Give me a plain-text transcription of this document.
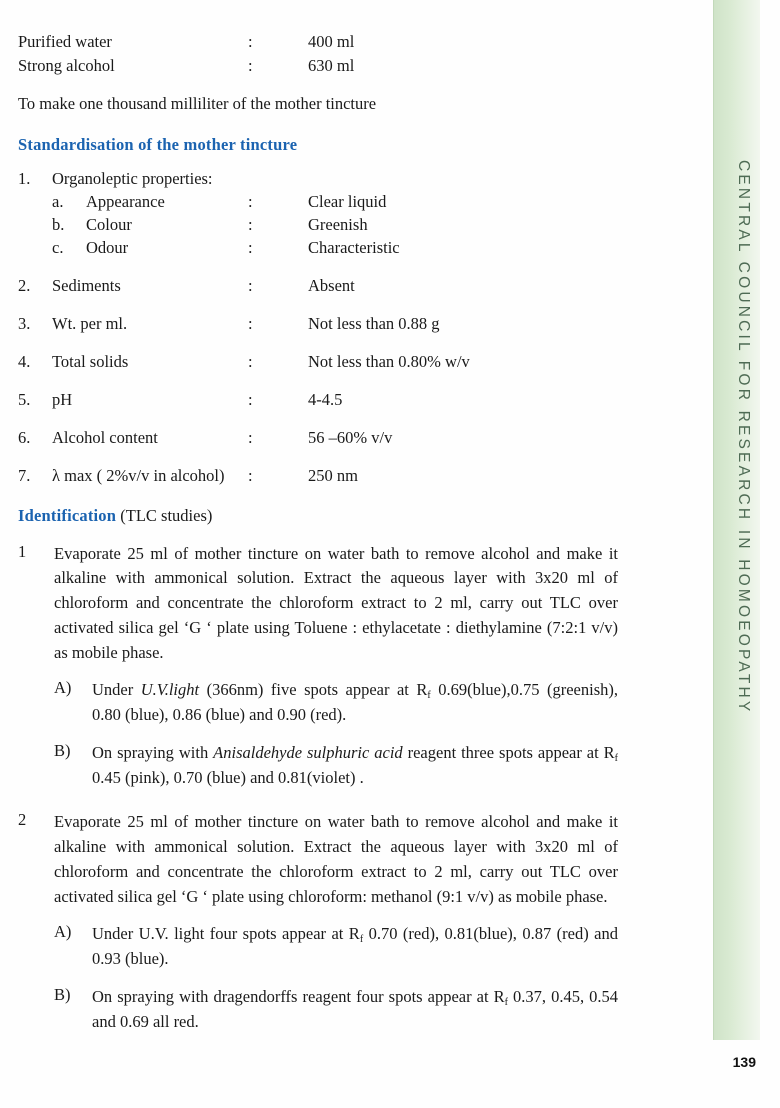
CENTRAL COUNCIL FOR RESEARCH IN HOMOEOPATHY
139
Purified water	:	400 ml
Strong alcohol	:	630 ml
To make one thousand milliliter of the mother tincture
Standardisation of the mother tincture
1.	Organoleptic properties:
a.	Appearance	:	Clear liquid
b.	Colour	:	Greenish
c.	Odour	:	Characteristic
2.	Sediments	:	Absent
3.	Wt. per ml.	:	Not less than 0.88 g
4.	Total solids	:	Not less than 0.80% w/v
5.	pH	:	4-4.5
6.	Alcohol content	:	56 –60% v/v
7.	λ max ( 2%v/v in alcohol)	:	250 nm
Identification (TLC studies)
1	Evaporate 25 ml of mother tincture on water bath to remove alcohol and make it alkaline with ammonical solution. Extract the aqueous layer with 3x20 ml of chloroform and concentrate the chloroform extract to 2 ml, carry out TLC over activated silica gel ‘G ‘ plate using Toluene : ethylacetate : diethylamine (7:2:1 v/v) as mobile phase.
A)	Under U.V.light (366nm) five spots appear at $R_f$ 0.69(blue),0.75 (greenish), 0.80 (blue), 0.86 (blue) and 0.90 (red).
B)	On spraying with Anisaldehyde sulphuric acid reagent three spots appear at $R_f$ 0.45 (pink), 0.70 (blue) and 0.81(violet) .
2	Evaporate 25 ml of mother tincture on water bath to remove alcohol and make it alkaline with ammonical solution. Extract the aqueous layer with 3x20 ml of chloroform and concentrate the chloroform extract to 2 ml, carry out TLC over activated silica gel ‘G ‘ plate using chloroform: methanol (9:1 v/v) as mobile phase.
A)	Under U.V. light four spots appear at $R_f$ 0.70 (red), 0.81(blue), 0.87 (red) and 0.93 (blue).
B)	On spraying with dragendorffs reagent four spots appear at $R_f$ 0.37, 0.45, 0.54 and 0.69 all red.
